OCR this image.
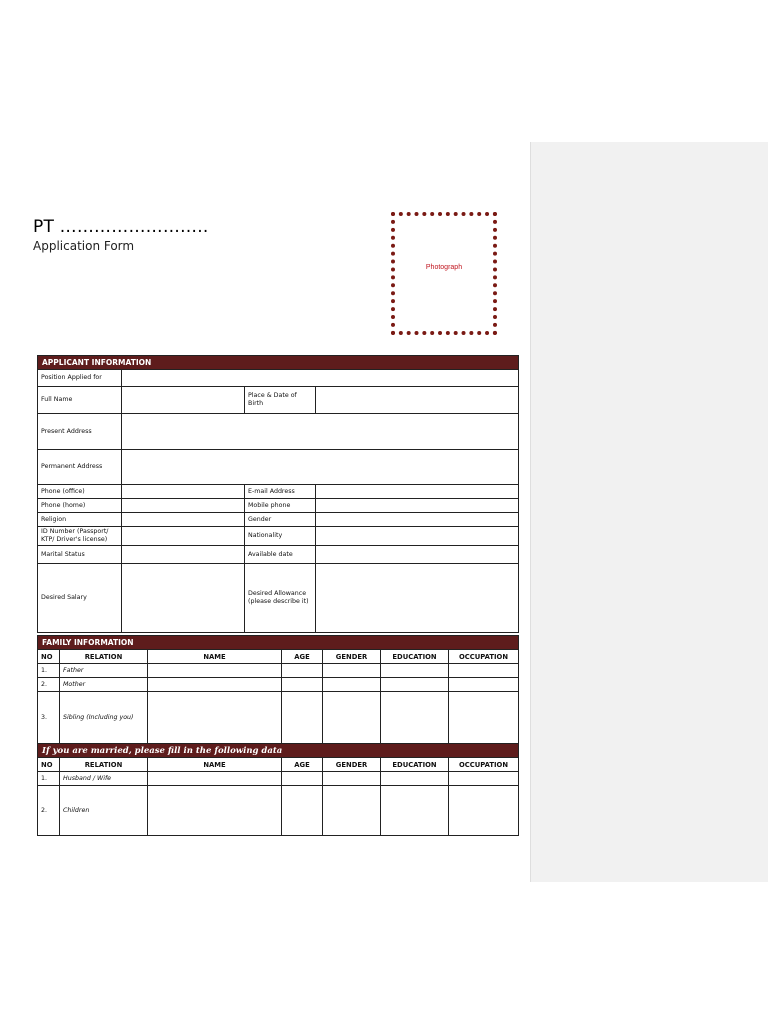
PT ……………………..
Application Form
Photograph
APPLICANT INFORMATION			
Position Applied for			
Full Name		Place & Date of Birth	
Present Address			
Permanent Address			
Phone (office)		E-mail Address	
Phone (home)		Mobile phone	
Religion		Gender	
ID Number (Passport/ KTP/ Driver's license)		Nationality	
Marital Status		Available date	
Desired Salary		Desired Allowance (please describe it)	
FAMILY INFORMATION						
NO	RELATION	NAME	AGE	GENDER	EDUCATION	OCCUPATION
1.	Father					
2.	Mother					
3.	Sibling (Including you)					
If you are married, please fill in the following data						
NO	RELATION	NAME	AGE	GENDER	EDUCATION	OCCUPATION
1.	Husband / Wife					
2.	Children					
